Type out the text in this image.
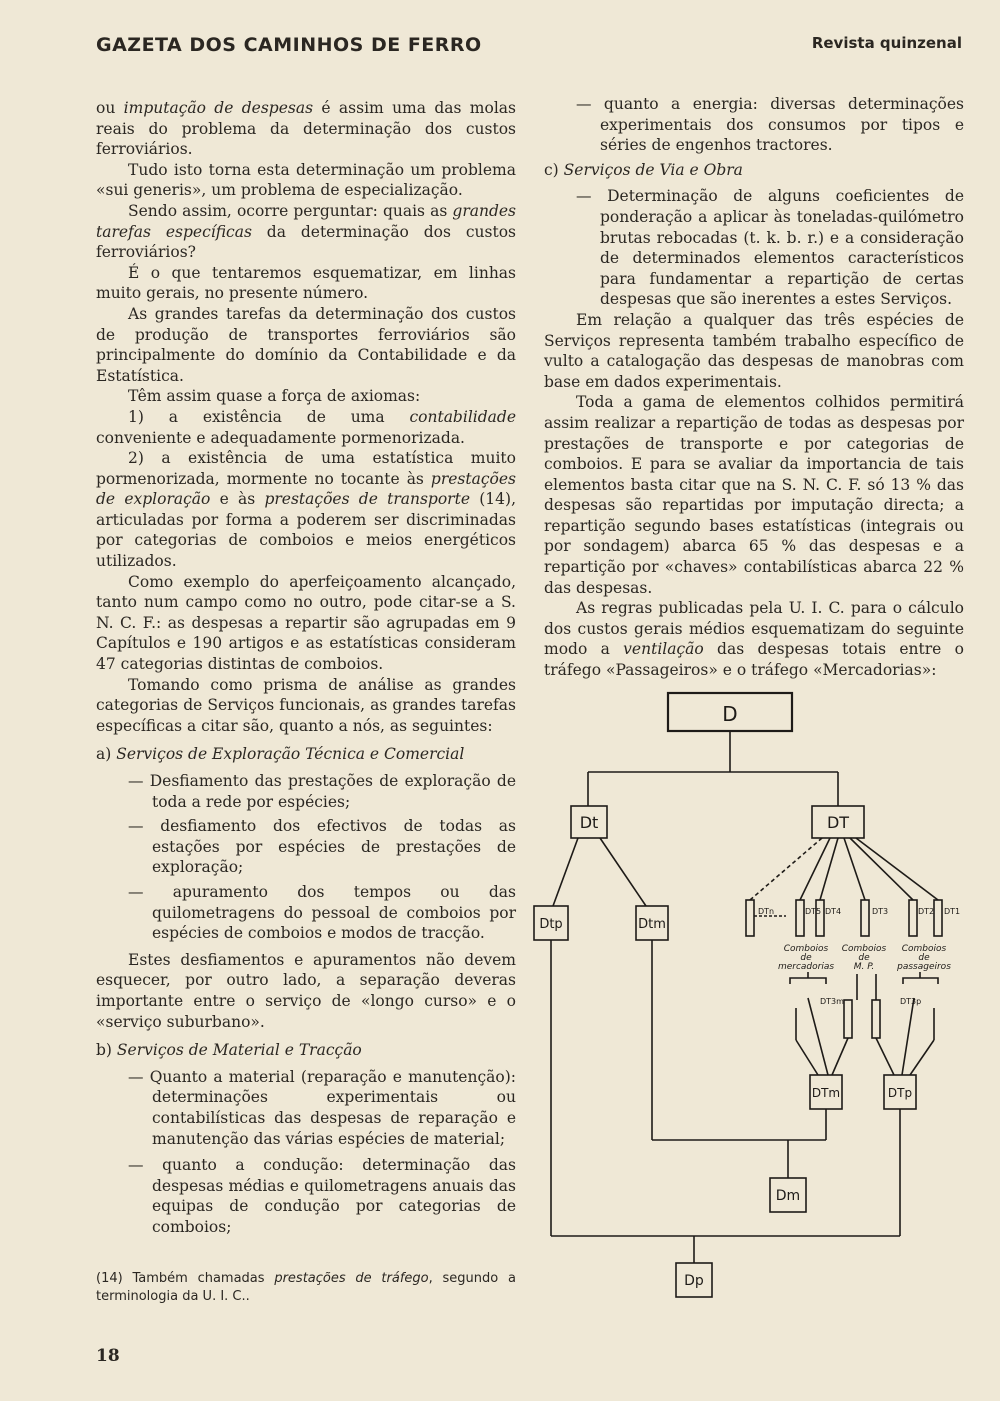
GAZETA DOS CAMINHOS DE FERRO	Revista quinzenal

ou imputação de despesas é assim uma das molas reais do problema da determinação dos custos ferroviários.

Tudo isto torna esta determinação um problema «sui generis», um problema de especialização.

Sendo assim, ocorre perguntar: quais as grandes tarefas específicas da determinação dos custos ferroviários?

É o que tentaremos esquematizar, em linhas muito gerais, no presente número.

As grandes tarefas da determinação dos custos de produção de transportes ferroviários são principalmente do domínio da Contabilidade e da Estatística.

Têm assim quase a força de axiomas:

1) a existência de uma contabilidade conveniente e adequadamente pormenorizada.

2) a existência de uma estatística muito pormenorizada, mormente no tocante às prestações de exploração e às prestações de transporte (14), articuladas por forma a poderem ser discriminadas por categorias de comboios e meios energéticos utilizados.

Como exemplo do aperfeiçoamento alcançado, tanto num campo como no outro, pode citar-se a S. N. C. F.: as despesas a repartir são agrupadas em 9 Capítulos e 190 artigos e as estatísticas consideram 47 categorias distintas de comboios.

Tomando como prisma de análise as grandes categorias de Serviços funcionais, as grandes tarefas específicas a citar são, quanto a nós, as seguintes:

a) Serviços de Exploração Técnica e Comercial

— Desfiamento das prestações de exploração de toda a rede por espécies;

— desfiamento dos efectivos de todas as estações por espécies de prestações de exploração;

— apuramento dos tempos ou das quilometragens do pessoal de comboios por espécies de comboios e modos de tracção.

Estes desfiamentos e apuramentos não devem esquecer, por outro lado, a separação deveras importante entre o serviço de «longo curso» e o «serviço suburbano».

b) Serviços de Material e Tracção

— Quanto a material (reparação e manutenção): determinações experimentais ou contabilísticas das despesas de reparação e manutenção das várias espécies de material;

— quanto a condução: determinação das despesas médias e quilometragens anuais das equipas de condução por categorias de comboios;

(14) Também chamadas prestações de tráfego, segundo a terminologia da U. I. C..
18

— quanto a energia: diversas determinações experimentais dos consumos por tipos e séries de engenhos tractores.

c) Serviços de Via e Obra

— Determinação de alguns coeficientes de ponderação a aplicar às toneladas-quilómetro brutas rebocadas (t. k. b. r.) e a consideração de determinados elementos característicos para fundamentar a repartição de certas despesas que são inerentes a estes Serviços.

Em relação a qualquer das três espécies de Serviços representa também trabalho específico de vulto a catalogação das despesas de manobras com base em dados experimentais.

Toda a gama de elementos colhidos permitirá assim realizar a repartição de todas as despesas por prestações de transporte e por categorias de comboios. E para se avaliar da importancia de tais elementos basta citar que na S. N. C. F. só 13 % das despesas são repartidas por imputação directa; a repartição segundo bases estatísticas (integrais ou por sondagem) abarca 65 % das despesas e a repartição por «chaves» contabilísticas abarca 22 % das despesas.

As regras publicadas pela U. I. C. para o cálculo dos custos gerais médios esquematizam do seguinte modo a ventilação das despesas totais entre o tráfego «Passageiros» e o tráfego «Mercadorias»:

D
Dt	DT
Dtp	Dtm
DTn	DT5 DT4	DT3	DT2 DT1
Comboios
de
mercadorias
Comboios
de
M. P.
Comboios
de
passageiros
DT3m	DT3p
DTm	DTp
Dm
Dp
